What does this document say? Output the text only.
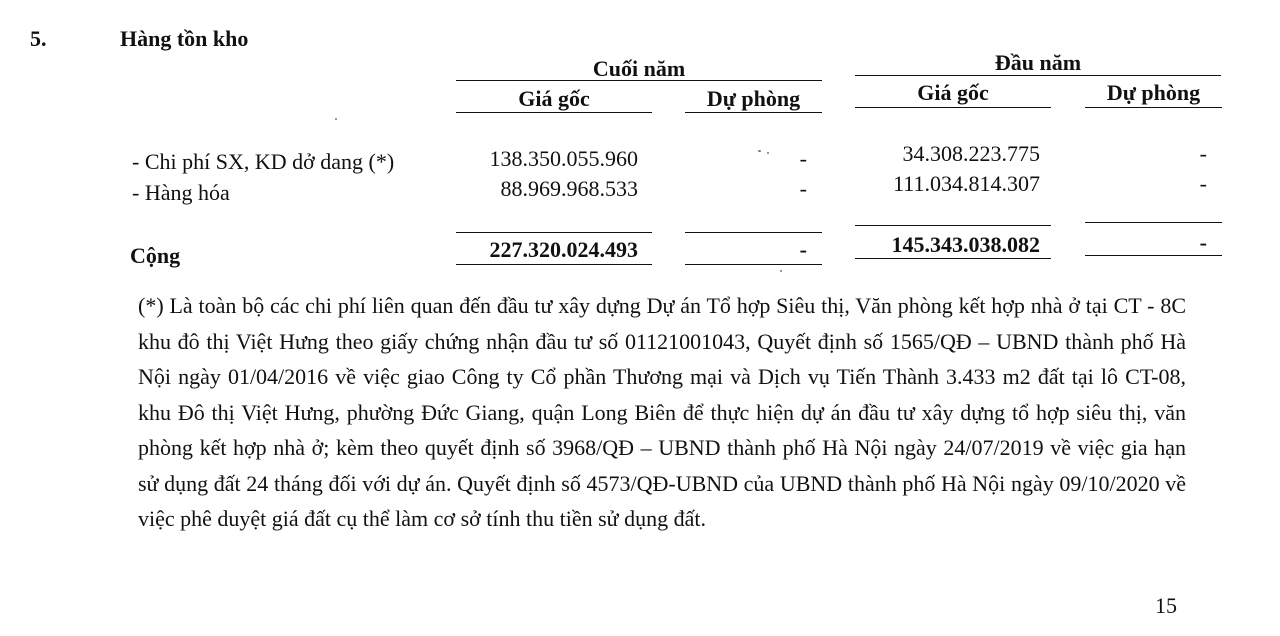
5.	Hàng tồn kho
Cuối năm	Đầu năm
Giá gốc	Dự phòng	Giá gốc	Dự phòng
- Chi phí SX, KD dở dang (*)	138.350.055.960	-	34.308.223.775	-
- Hàng hóa	88.969.968.533	-	111.034.814.307	-
Cộng	227.320.024.493	-	145.343.038.082	-
(*) Là toàn bộ các chi phí liên quan đến đầu tư xây dựng Dự án Tổ hợp Siêu thị, Văn phòng kết hợp nhà ở tại CT - 8C khu đô thị Việt Hưng theo giấy chứng nhận đầu tư số 01121001043, Quyết định số 1565/QĐ – UBND thành phố Hà Nội ngày 01/04/2016 về việc giao Công ty Cổ phần Thương mại và Dịch vụ Tiến Thành 3.433 m2 đất tại lô CT-08, khu Đô thị Việt Hưng, phường Đức Giang, quận Long Biên để thực hiện dự án đầu tư xây dựng tổ hợp siêu thị, văn phòng kết hợp nhà ở; kèm theo quyết định số 3968/QĐ – UBND thành phố Hà Nội ngày 24/07/2019 về việc gia hạn sử dụng đất 24 tháng đối với dự án. Quyết định số 4573/QĐ-UBND của UBND thành phố Hà Nội ngày 09/10/2020 về việc phê duyệt giá đất cụ thể làm cơ sở tính thu tiền sử dụng đất.
15
